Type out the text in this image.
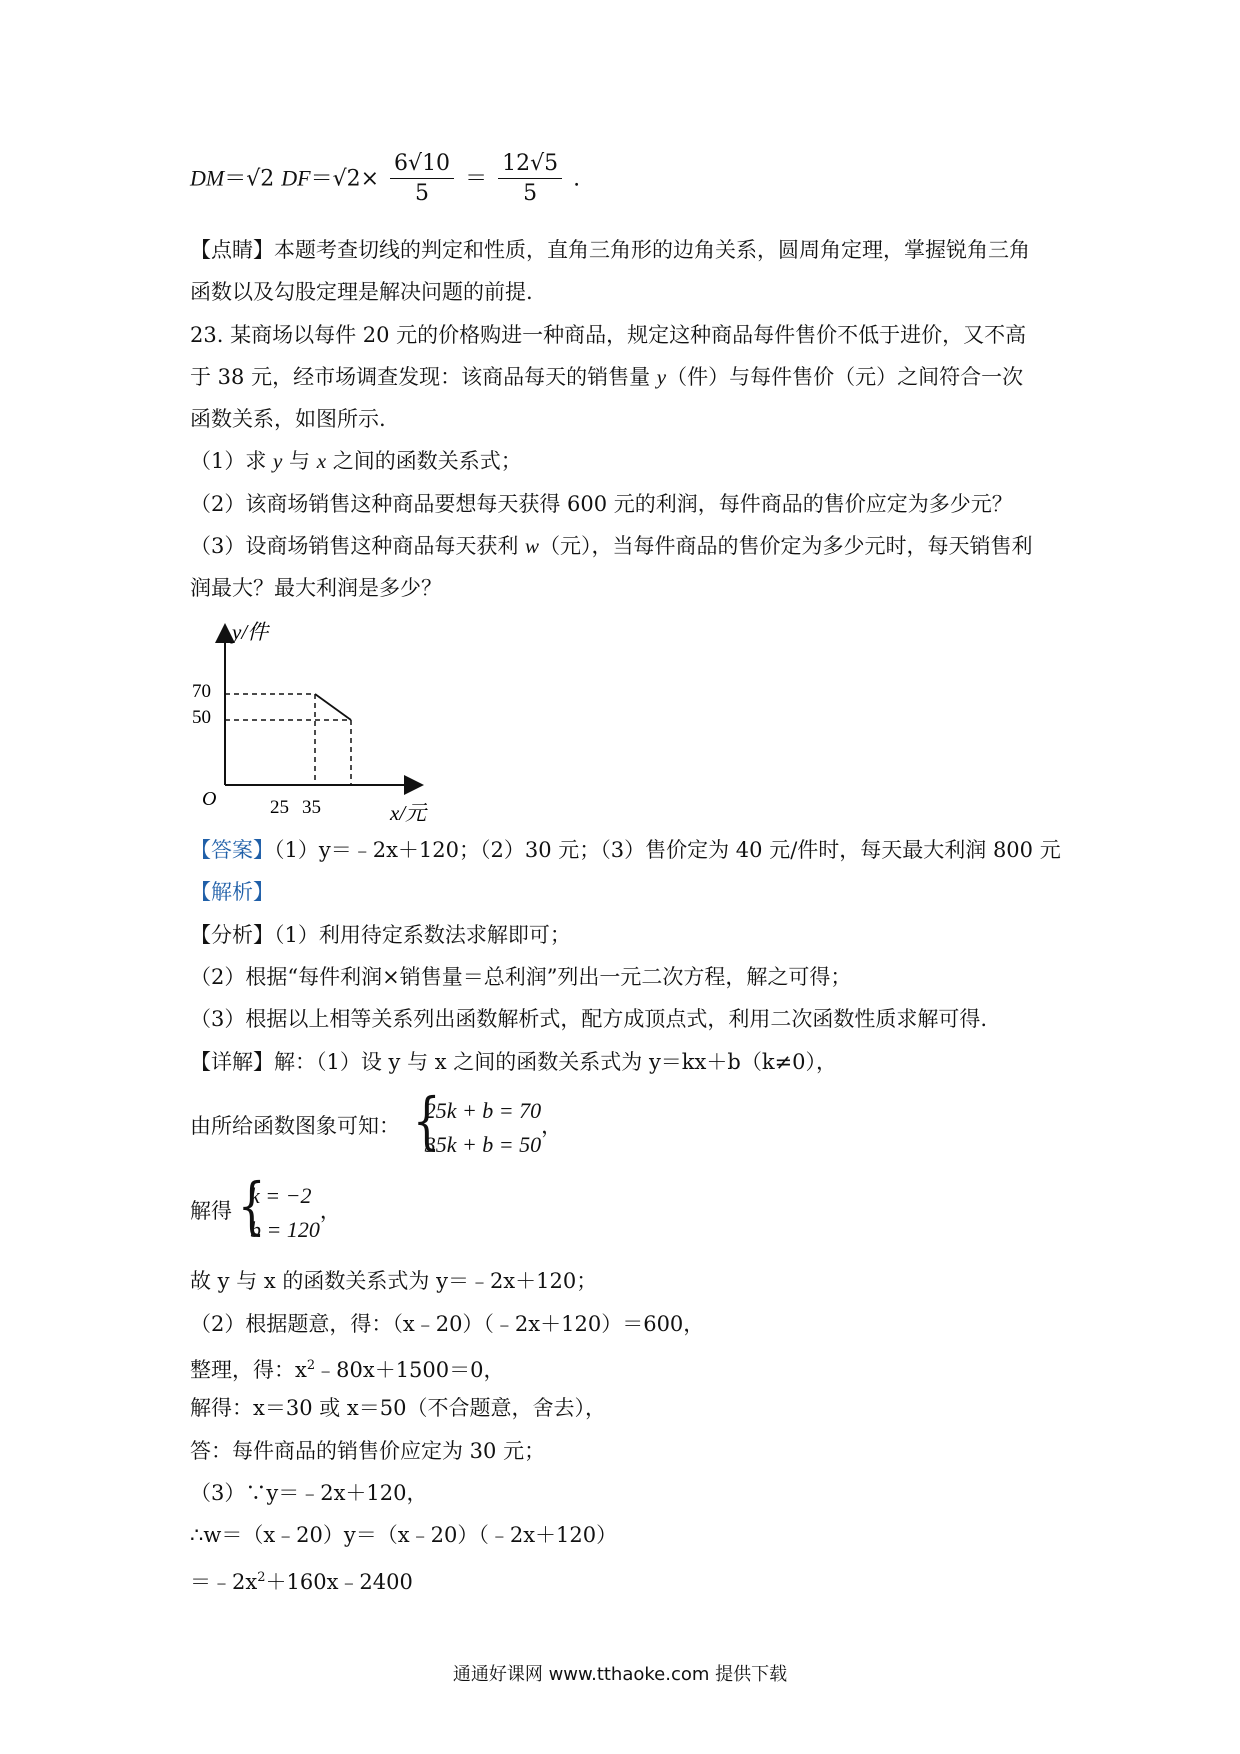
DM＝√2 $DF=√2\times \frac{6√10}{5} = \frac{12√5}{5}$ .
【点睛】本题考查切线的判定和性质，直角三角形的边角关系，圆周角定理，掌握锐角三角
函数以及勾股定理是解决问题的前提.
23. 某商场以每件 20 元的价格购进一种商品，规定这种商品每件售价不低于进价，又不高
于 38 元，经市场调查发现：该商品每天的销售量 y（件）与每件售价（元）之间符合一次
函数关系，如图所示.
（1）求 y 与 x 之间的函数关系式；
（2）该商场销售这种商品要想每天获得 600 元的利润，每件商品的售价应定为多少元？
（3）设商场销售这种商品每天获利 w（元），当每件商品的售价定为多少元时，每天销售利
润最大？最大利润是多少？
y/件
x/元
O
70
50
25 35
【答案】（1）y＝﹣2x＋120；（2）30 元；（3）售价定为 40 元/件时，每天最大利润 800 元
【解析】
【分析】（1）利用待定系数法求解即可；
（2）根据“每件利润×销售量＝总利润”列出一元二次方程，解之可得；
（3）根据以上相等关系列出函数解析式，配方成顶点式，利用二次函数性质求解可得.
【详解】解：（1）设 y 与 x 之间的函数关系式为 y＝kx＋b（k≠0），
由所给函数图象可知： {
25k + b = 70
35k + b = 50
，
解得 {
k = −2
b = 120
，
故 y 与 x 的函数关系式为 y＝﹣2x＋120；
（2）根据题意，得：（x﹣20）（﹣2x＋120）＝600，
整理，得：$x^2﹣80x+1500=0$，
解得：x＝30 或 x＝50（不合题意，舍去），
答：每件商品的销售价应定为 30 元；
（3）∵y＝﹣2x＋120，
∴w＝（x﹣20）y＝（x﹣20）（﹣2x＋120）
$=﹣2x^2+160x﹣2400$
通通好课网 www.tthaoke.com 提供下载
